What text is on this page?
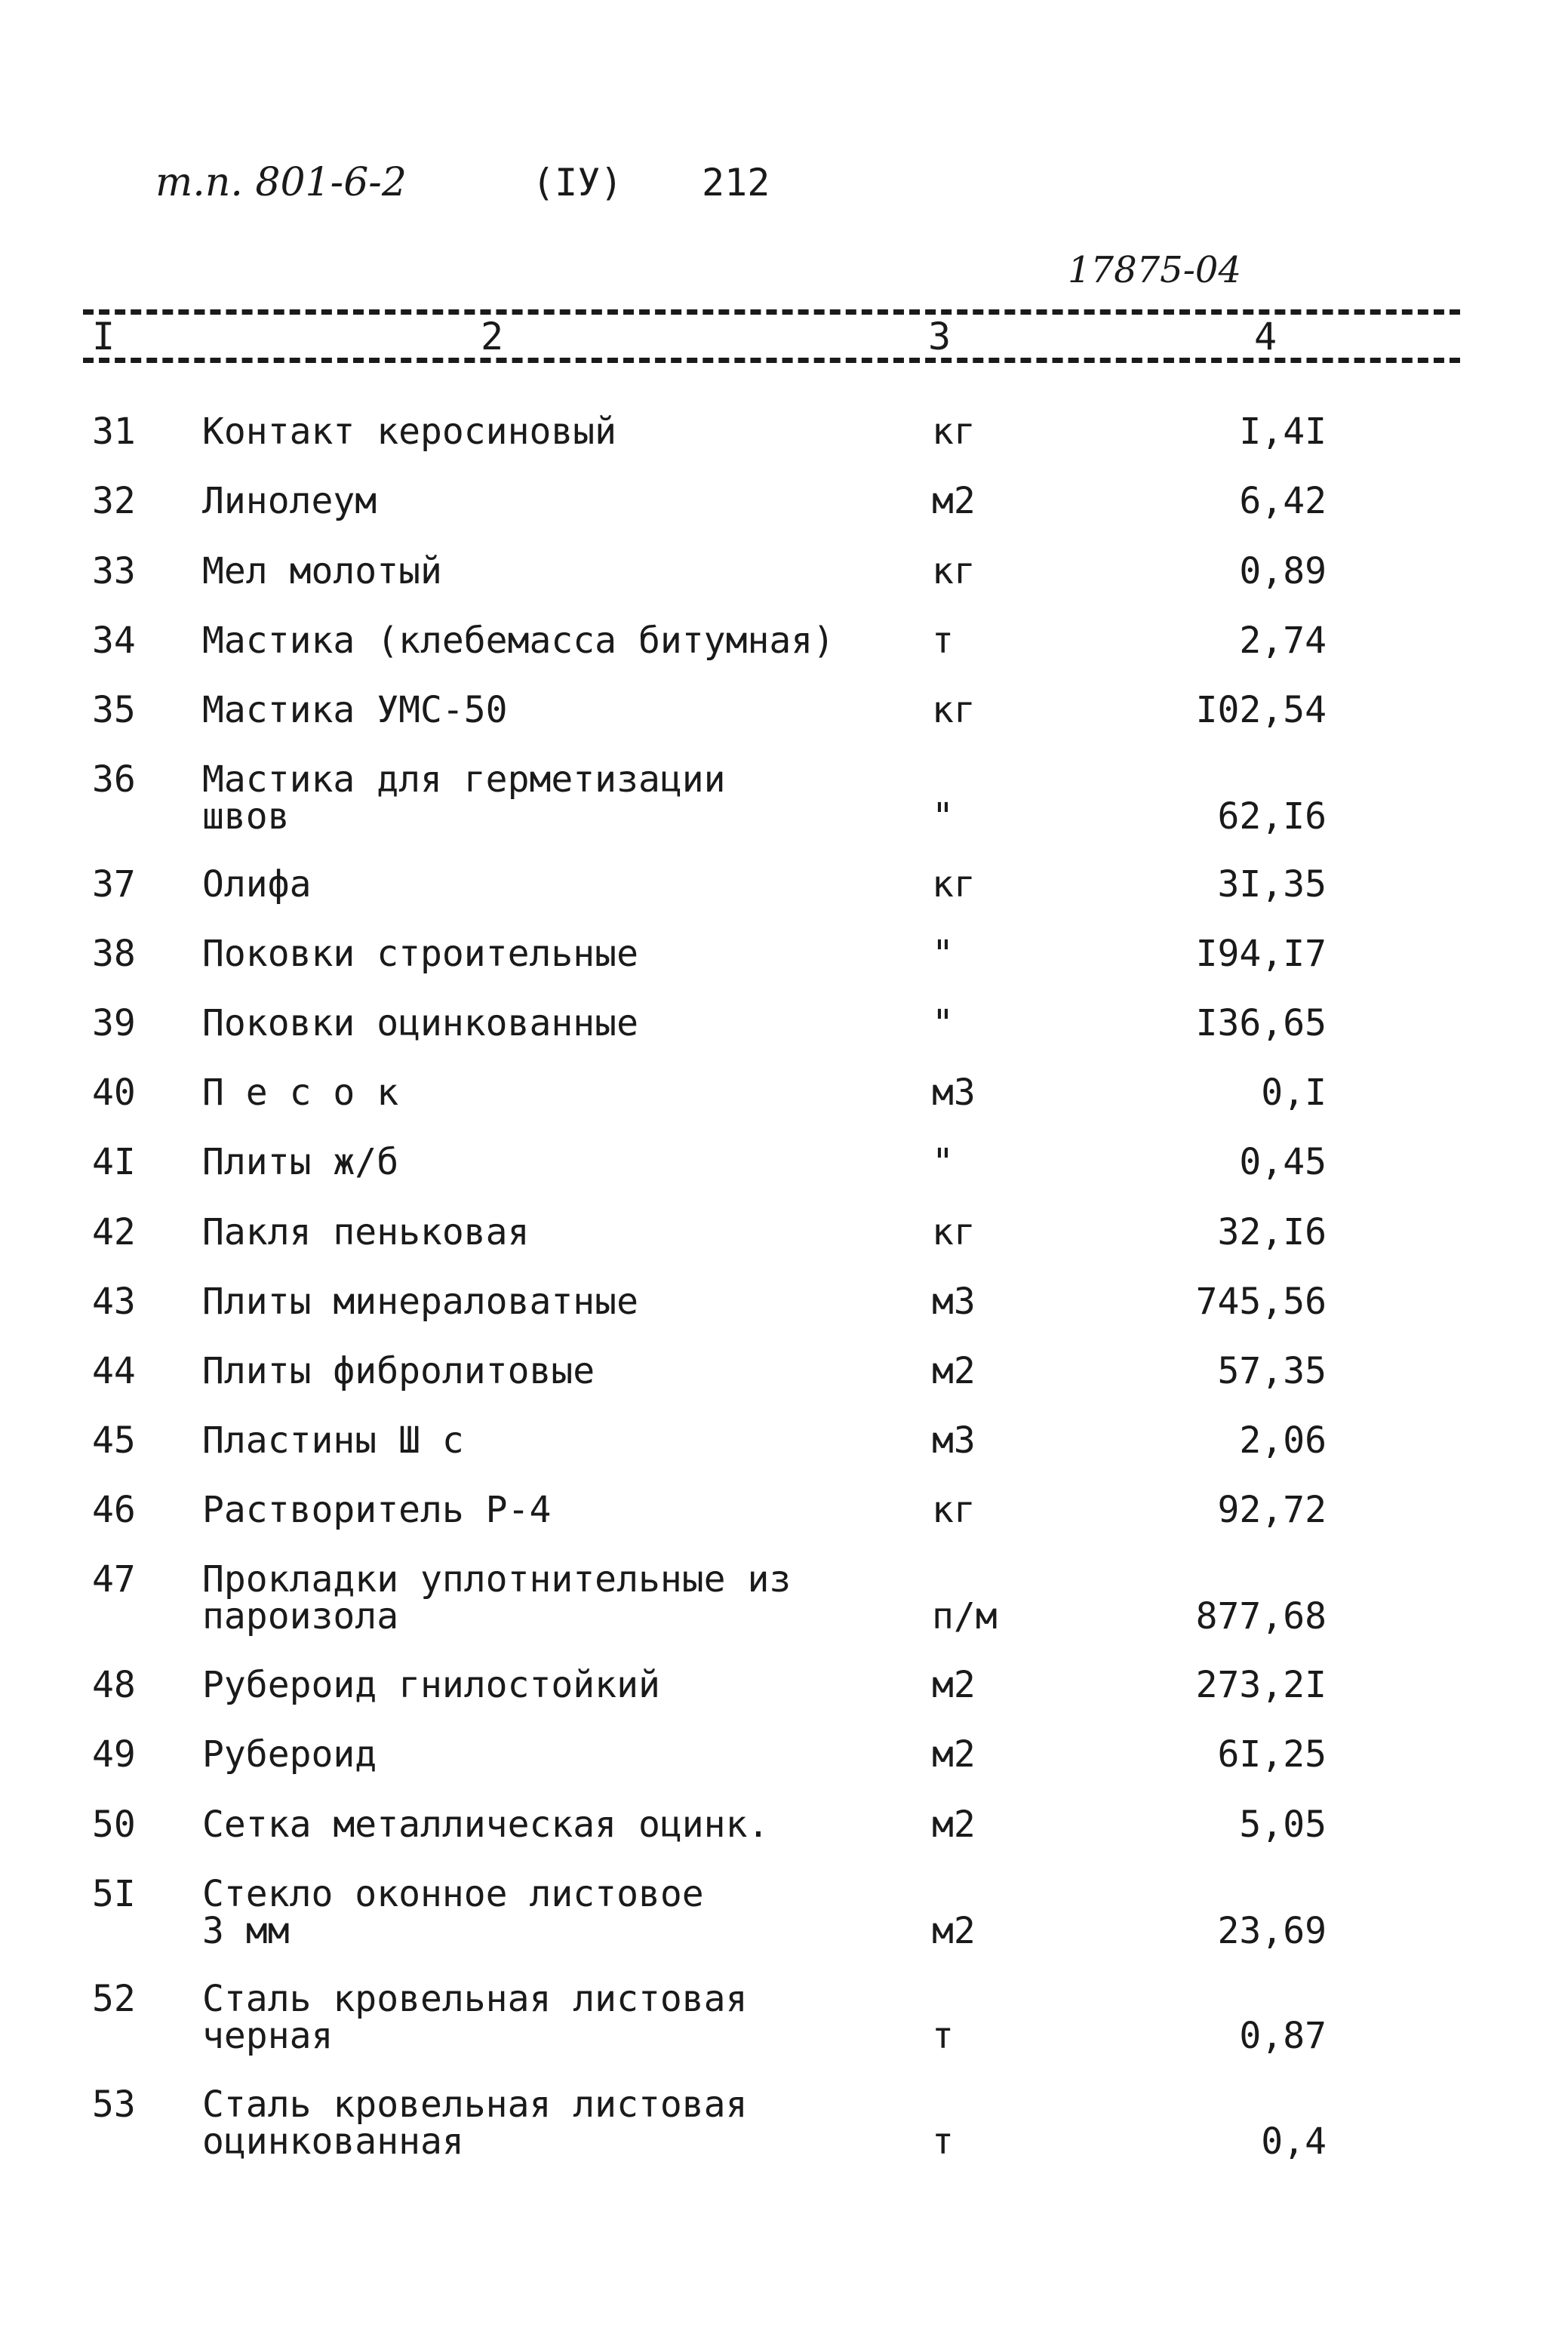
т.п. 801-6-2	(IУ) 212
17875-04
I	2	3	4
31 Контакт керосиновый	кг	I,4I
32 Линолеум	м2	6,42
33 Мел молотый	кг	0,89
34 Мастика (клебемасса битумная)	т	2,74
35 Мастика УМС-50	кг	I02,54
36 Мастика для герметизации швов	"	62,I6
37 Олифа	кг	3I,35
38 Поковки строительные	"	I94,I7
39 Поковки оцинкованные	"	I36,65
40 П е с о к	м3	0,I
4I Плиты ж/б	"	0,45
42 Пакля пеньковая	кг	32,I6
43 Плиты минераловатные	м3	745,56
44 Плиты фибролитовые	м2	57,35
45 Пластины Ш с	м3	2,06
46 Растворитель Р-4	кг	92,72
47 Прокладки уплотнительные из пароизола	п/м	877,68
48 Рубероид гнилостойкий	м2	273,2I
49 Рубероид	м2	6I,25
50 Сетка металлическая оцинк.	м2	5,05
5I Стекло оконное листовое 3 мм	м2	23,69
52 Сталь кровельная листовая черная	т	0,87
53 Сталь кровельная листовая оцинкованная	т	0,4
